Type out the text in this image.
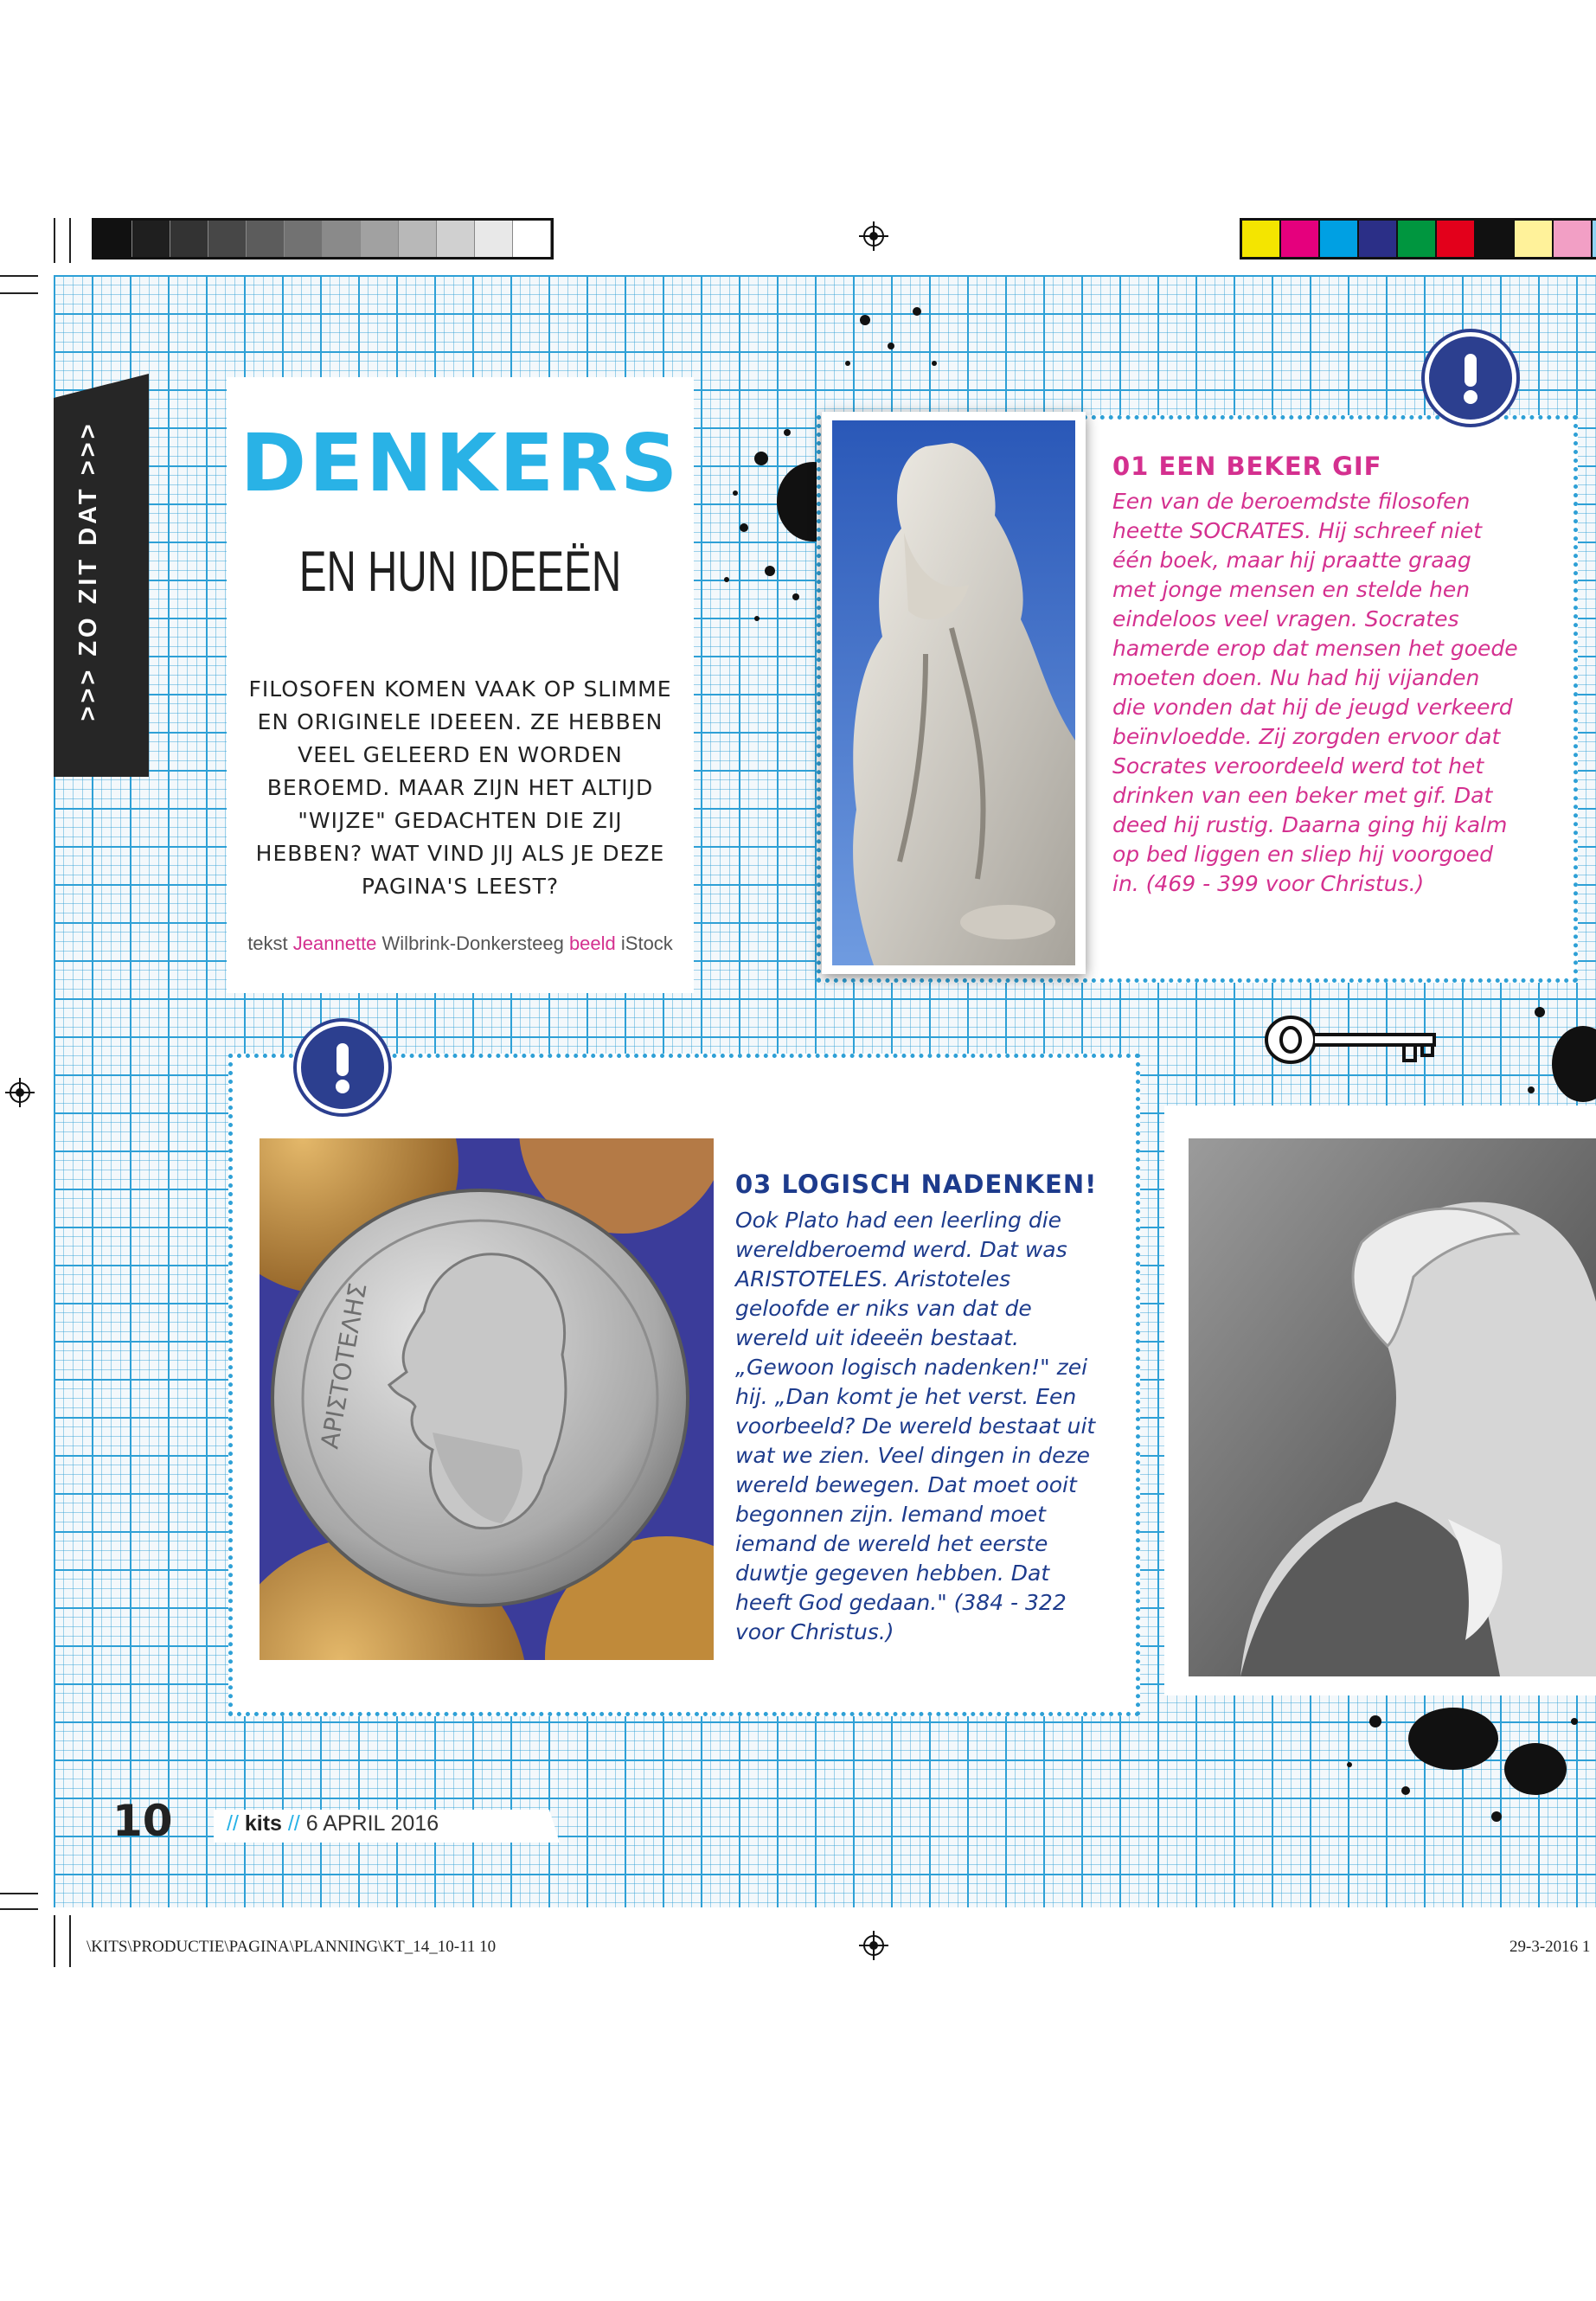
>>> ZO ZIT DAT >>> DENKERS
EN HUN IDEEËN
FILOSOFEN KOMEN VAAK OP SLIMME EN ORIGINELE IDEEEN. ZE HEBBEN VEEL GELEERD EN WORDEN BEROEMD. MAAR ZIJN HET ALTIJD "WIJZE" GEDACHTEN DIE ZIJ HEBBEN? WAT VIND JIJ ALS JE DEZE PAGINA'S LEEST?
tekst Jeannette Wilbrink-Donkersteeg beeld iStock
01 EEN BEKER GIF
Een van de beroemdste filosofen heette SOCRATES. Hij schreef niet één boek, maar hij praatte graag met jonge mensen en stelde hen eindeloos veel vragen. Socrates hamerde erop dat mensen het goede moeten doen. Nu had hij vijanden die vonden dat hij de jeugd verkeerd beïnvloedde. Zij zorgden ervoor dat Socrates veroordeeld werd tot het drinken van een beker met gif. Dat deed hij rustig. Daarna ging hij kalm op bed liggen en sliep hij voorgoed in. (469 - 399 voor Christus.)
ΑΡΙΣΤΟΤΕΛΗΣ
03 LOGISCH NADENKEN!
Ook Plato had een leerling die wereldberoemd werd. Dat was ARISTOTELES. Aristoteles geloofde er niks van dat de wereld uit ideeën bestaat. „Gewoon logisch nadenken!" zei hij. „Dan komt je het verst. Een voorbeeld? De wereld bestaat uit wat we zien. Veel dingen in deze wereld bewegen. Dat moet ooit begonnen zijn. Iemand moet iemand de wereld het eerste duwtje gegeven hebben. Dat heeft God gedaan." (384 - 322 voor Christus.)
10 // kits // 6 APRIL 2016
\KITS\PRODUCTIE\PAGINA\PLANNING\KT_14_10-11 10	29-3-2016 1
